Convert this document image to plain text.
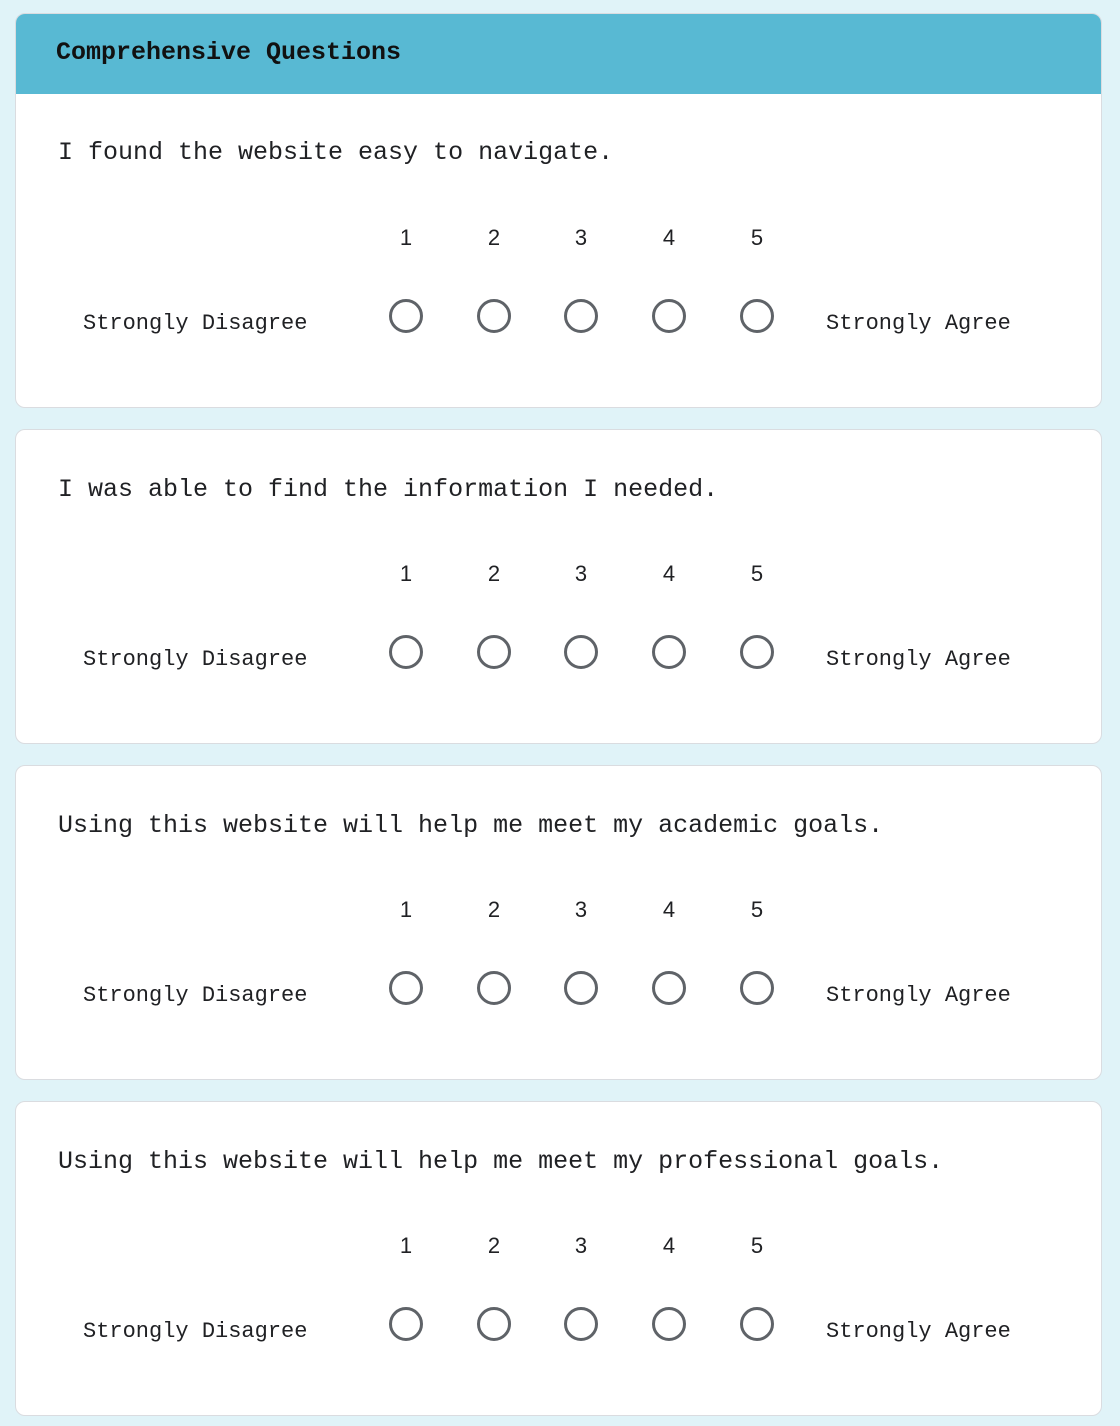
Comprehensive Questions
I found the website easy to navigate.
1	2	3	4	5
Strongly Disagree	Strongly Agree
I was able to find the information I needed.
1	2	3	4	5
Strongly Disagree	Strongly Agree
Using this website will help me meet my academic goals.
1	2	3	4	5
Strongly Disagree	Strongly Agree
Using this website will help me meet my professional goals.
1	2	3	4	5
Strongly Disagree	Strongly Agree
